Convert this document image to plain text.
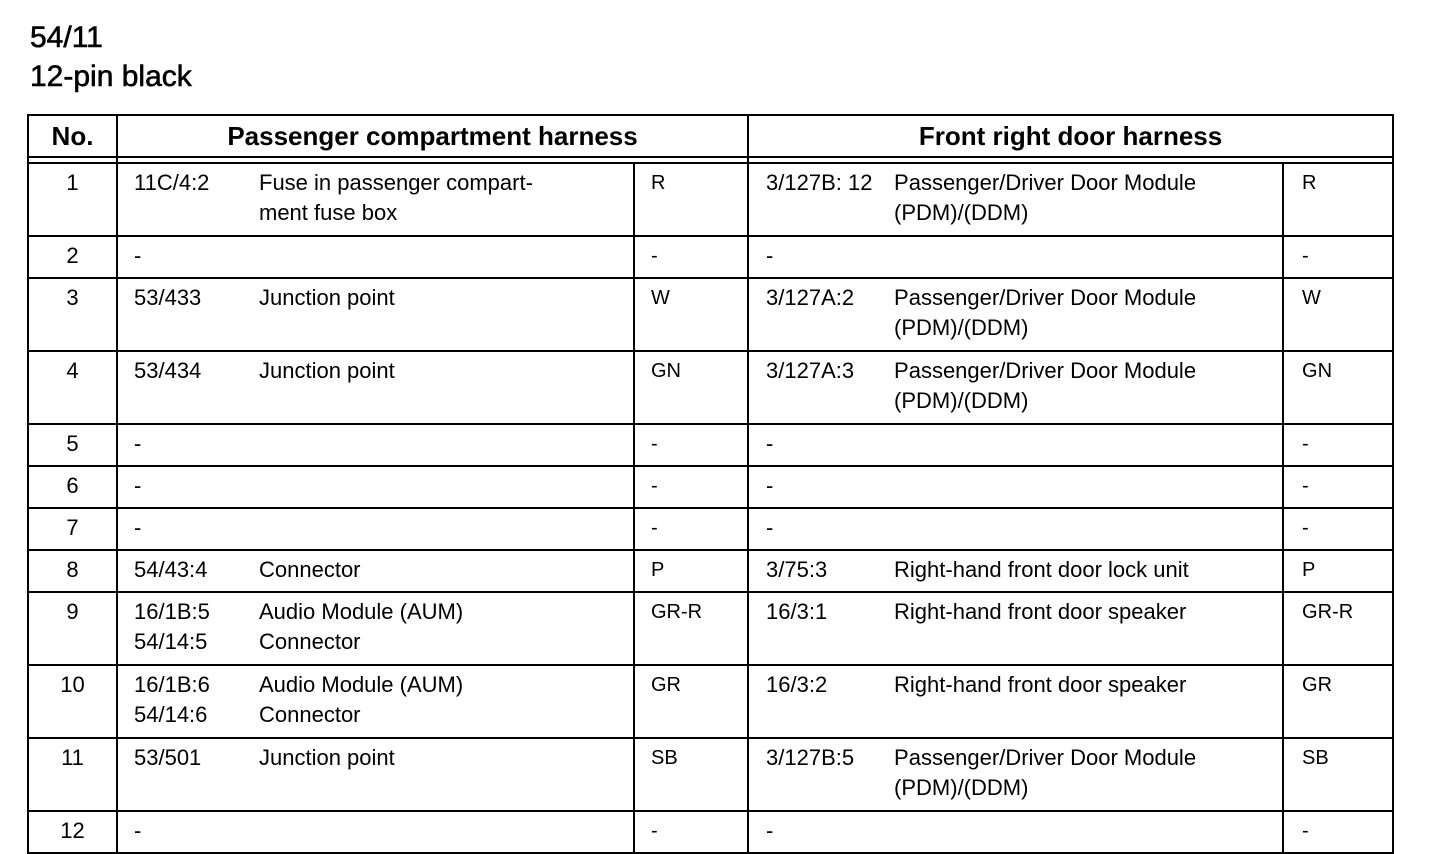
54/11
12-pin black
No.	Passenger compartment harness			Front right door harness		

1	11C/4:2	Fuse in passenger compart-
ment fuse box	R	3/127B: 12	Passenger/Driver Door Module
(PDM)/(DDM)	R
2	-		-	-		-
3	53/433	Junction point	W	3/127A:2	Passenger/Driver Door Module
(PDM)/(DDM)	W
4	53/434	Junction point	GN	3/127A:3	Passenger/Driver Door Module
(PDM)/(DDM)	GN
5	-		-	-		-
6	-		-	-		-
7	-		-	-		-
8	54/43:4	Connector	P	3/75:3	Right-hand front door lock unit	P
9	16/1B:5
54/14:5	Audio Module (AUM)
Connector	GR-R	16/3:1	Right-hand front door speaker	GR-R
10	16/1B:6
54/14:6	Audio Module (AUM)
Connector	GR	16/3:2	Right-hand front door speaker	GR
11	53/501	Junction point	SB	3/127B:5	Passenger/Driver Door Module
(PDM)/(DDM)	SB
12	-		-	-		-
